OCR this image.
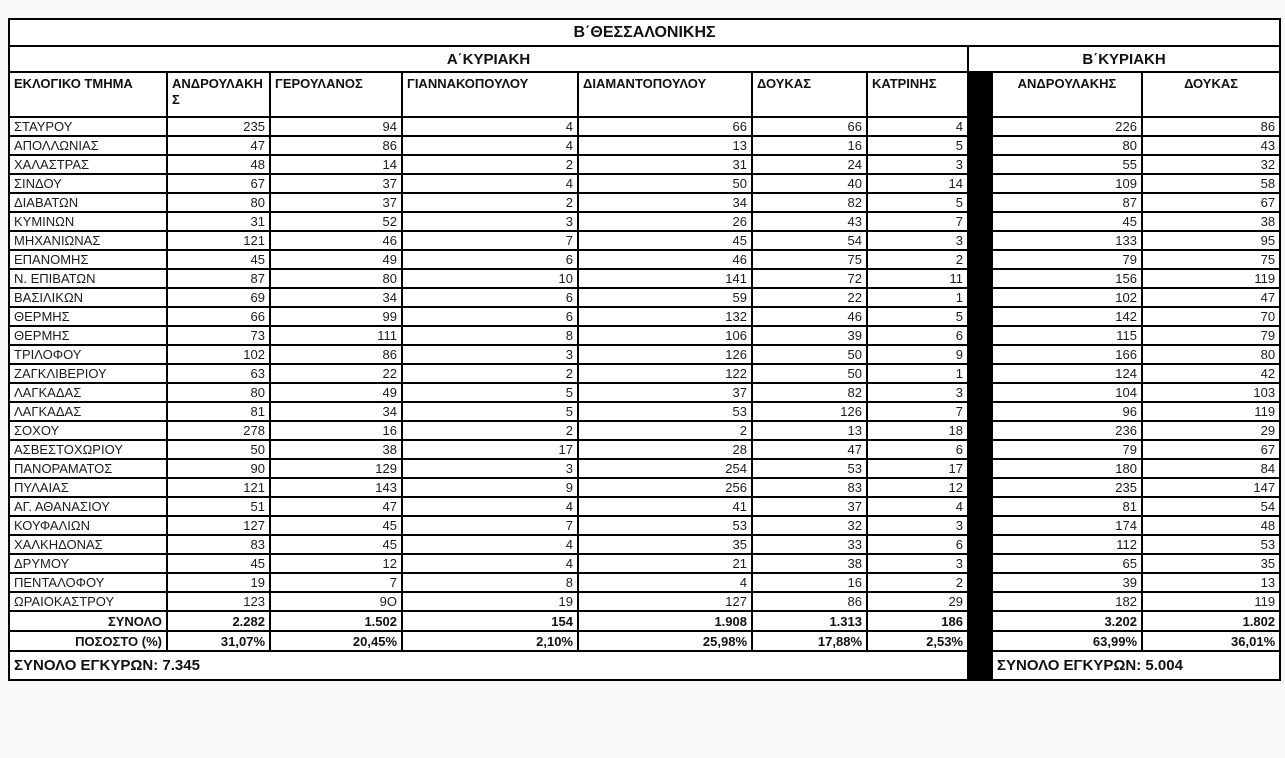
Β΄ΘΕΣΣΑΛΟΝΙΚΗΣ									
Α΄ΚΥΡΙΑΚΗ							Β΄ΚΥΡΙΑΚΗ		
ΕΚΛΟΓΙΚΟ ΤΜΗΜΑ	ΑΝΔΡΟΥΛΑΚΗΣ	ΓΕΡΟΥΛΑΝΟΣ	ΓΙΑΝΝΑΚΟΠΟΥΛΟΥ	ΔΙΑΜΑΝΤΟΠΟΥΛΟΥ	ΔΟΥΚΑΣ	ΚΑΤΡΙΝΗΣ		ΑΝΔΡΟΥΛΑΚΗΣ	ΔΟΥΚΑΣ
ΣΤΑΥΡΟΥ	235	94	4	66	66	4		226	86
ΑΠΟΛΛΩΝΙΑΣ	47	86	4	13	16	5		80	43
ΧΑΛΑΣΤΡΑΣ	48	14	2	31	24	3		55	32
ΣΙΝΔΟΥ	67	37	4	50	40	14		109	58
ΔΙΑΒΑΤΩΝ	80	37	2	34	82	5		87	67
ΚΥΜΙΝΩΝ	31	52	3	26	43	7		45	38
ΜΗΧΑΝΙΩΝΑΣ	121	46	7	45	54	3		133	95
ΕΠΑΝΟΜΗΣ	45	49	6	46	75	2		79	75
Ν. ΕΠΙΒΑΤΩΝ	87	80	10	141	72	11		156	119
ΒΑΣΙΛΙΚΩΝ	69	34	6	59	22	1		102	47
ΘΕΡΜΗΣ	66	99	6	132	46	5		142	70
ΘΕΡΜΗΣ	73	111	8	106	39	6		115	79
ΤΡΙΛΟΦΟΥ	102	86	3	126	50	9		166	80
ΖΑΓΚΛΙΒΕΡΙΟΥ	63	22	2	122	50	1		124	42
ΛΑΓΚΑΔΑΣ	80	49	5	37	82	3		104	103
ΛΑΓΚΑΔΑΣ	81	34	5	53	126	7		96	119
ΣΟΧΟΥ	278	16	2	2	13	18		236	29
ΑΣΒΕΣΤΟΧΩΡΙΟΥ	50	38	17	28	47	6		79	67
ΠΑΝΟΡΑΜΑΤΟΣ	90	129	3	254	53	17		180	84
ΠΥΛΑΙΑΣ	121	143	9	256	83	12		235	147
ΑΓ. ΑΘΑΝΑΣΙΟΥ	51	47	4	41	37	4		81	54
ΚΟΥΦΑΛΙΩΝ	127	45	7	53	32	3		174	48
ΧΑΛΚΗΔΟΝΑΣ	83	45	4	35	33	6		112	53
ΔΡΥΜΟΥ	45	12	4	21	38	3		65	35
ΠΕΝΤΑΛΟΦΟΥ	19	7	8	4	16	2		39	13
ΩΡΑΙΟΚΑΣΤΡΟΥ	123	9O	19	127	86	29		182	119
ΣΥΝΟΛΟ	2.282	1.502	154	1.908	1.313	186		3.202	1.802
ΠΟΣΟΣΤΟ (%)	31,07%	20,45%	2,10%	25,98%	17,88%	2,53%		63,99%	36,01%
ΣΥΝΟΛΟ ΕΓΚΥΡΩΝ: 7.345								ΣΥΝΟΛΟ ΕΓΚΥΡΩΝ: 5.004	
